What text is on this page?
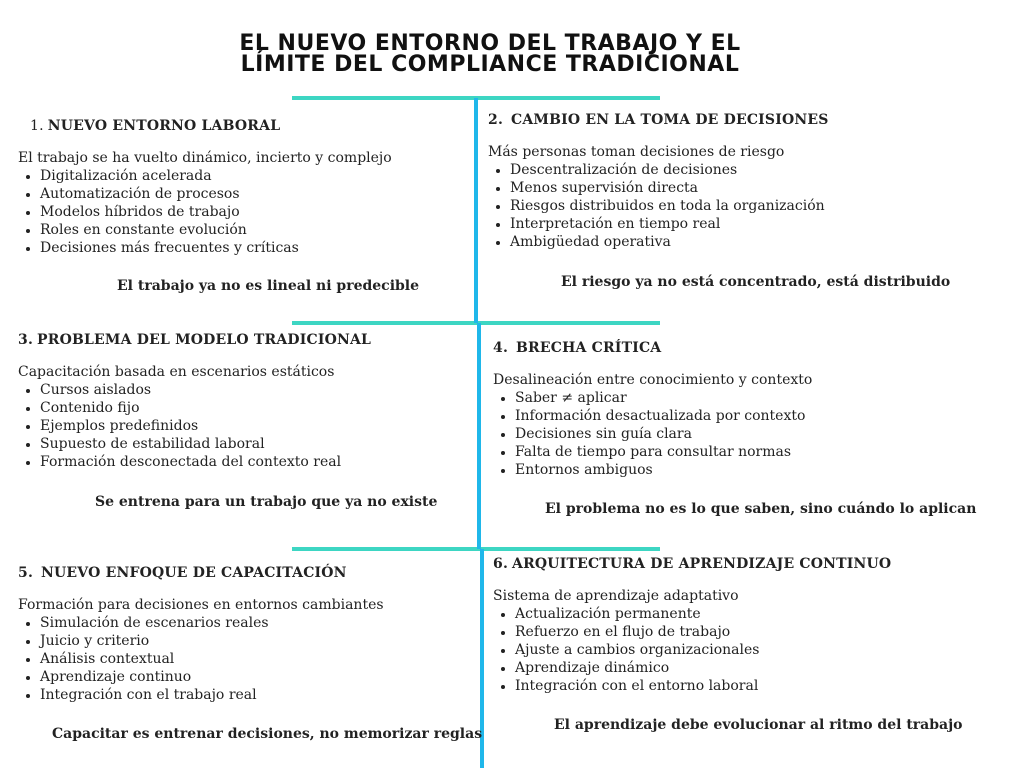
EL NUEVO ENTORNO DEL TRABAJO Y EL
LÍMITE DEL COMPLIANCE TRADICIONAL
1. NUEVO ENTORNO LABORAL

El trabajo se ha vuelto dinámico, incierto y complejo

Digitalización acelerada
Automatización de procesos
Modelos híbridos de trabajo
Roles en constante evolución
Decisiones más frecuentes y críticas
El trabajo ya no es lineal ni predecible
2. CAMBIO EN LA TOMA DE DECISIONES

Más personas toman decisiones de riesgo

Descentralización de decisiones
Menos supervisión directa
Riesgos distribuidos en toda la organización
Interpretación en tiempo real
Ambigüedad operativa
El riesgo ya no está concentrado, está distribuido
3. PROBLEMA DEL MODELO TRADICIONAL

Capacitación basada en escenarios estáticos

Cursos aislados
Contenido fijo
Ejemplos predefinidos
Supuesto de estabilidad laboral
Formación desconectada del contexto real
Se entrena para un trabajo que ya no existe
4. BRECHA CRÍTICA

Desalineación entre conocimiento y contexto

Saber ≠ aplicar
Información desactualizada por contexto
Decisiones sin guía clara
Falta de tiempo para consultar normas
Entornos ambiguos
El problema no es lo que saben, sino cuándo lo aplican
5. NUEVO ENFOQUE DE CAPACITACIÓN

Formación para decisiones en entornos cambiantes

Simulación de escenarios reales
Juicio y criterio
Análisis contextual
Aprendizaje continuo
Integración con el trabajo real
Capacitar es entrenar decisiones, no memorizar reglas
6. ARQUITECTURA DE APRENDIZAJE CONTINUO

Sistema de aprendizaje adaptativo

Actualización permanente
Refuerzo en el flujo de trabajo
Ajuste a cambios organizacionales
Aprendizaje dinámico
Integración con el entorno laboral
El aprendizaje debe evolucionar al ritmo del trabajo
